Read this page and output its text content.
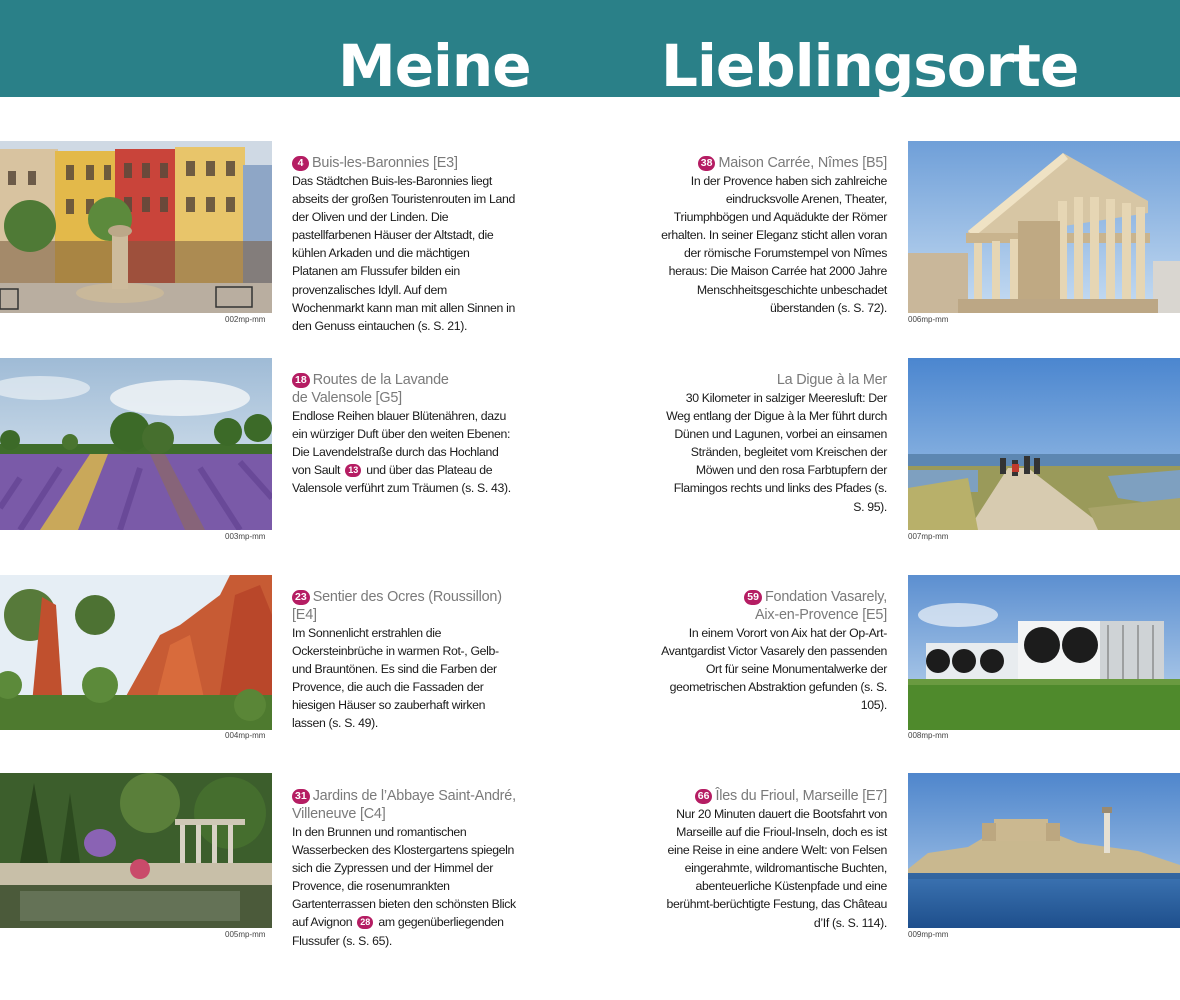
Meine Lieblingsorte
002mp-mm
4 Buis-les-Baronnies [E3]
Das Städtchen Buis-les-Baronnies liegt abseits der großen Touristenrouten im Land der Oliven und der Linden. Die pastellfarbenen Häuser der Altstadt, die kühlen Arkaden und die mächtigen Platanen am Flussufer bilden ein provenzalisches Idyll. Auf dem Wochenmarkt kann man mit allen Sinnen in den Genuss eintauchen (s. S. 21).
38 Maison Carrée, Nîmes [B5]
In der Provence haben sich zahlreiche eindrucksvolle Arenen, Theater, Triumphbögen und Aquädukte der Römer erhalten. In seiner Eleganz sticht allen voran der römische Forumstempel von Nîmes heraus: Die Maison Carrée hat 2000 Jahre Menschheitsgeschichte unbeschadet überstanden (s. S. 72).
006mp-mm
003mp-mm
18 Routes de la Lavande
de Valensole [G5]
Endlose Reihen blauer Blütenähren, dazu ein würziger Duft über den weiten Ebenen: Die Lavendelstraße durch das Hochland von Sault 13 und über das Plateau de Valensole verführt zum Träumen (s. S. 43).
La Digue à la Mer
30 Kilometer in salziger Meeresluft: Der Weg entlang der Digue à la Mer führt durch Dünen und Lagunen, vorbei an einsamen Stränden, begleitet vom Kreischen der Möwen und den rosa Farbtupfern der Flamingos rechts und links des Pfades (s. S. 95).
007mp-mm
004mp-mm
23 Sentier des Ocres (Roussillon) [E4]
Im Sonnenlicht erstrahlen die Ockersteinbrüche in warmen Rot-, Gelb- und Brauntönen. Es sind die Farben der Provence, die auch die Fassaden der hiesigen Häuser so zauberhaft wirken lassen (s. S. 49).
59 Fondation Vasarely,
Aix-en-Provence [E5]
In einem Vorort von Aix hat der Op-Art-Avantgardist Victor Vasarely den passenden Ort für seine Monumentalwerke der geometrischen Abstraktion gefunden (s. S. 105).
008mp-mm
005mp-mm
31 Jardins de l’Abbaye Saint-André,
Villeneuve [C4]
In den Brunnen und romantischen Wasserbecken des Klostergartens spiegeln sich die Zypressen und der Himmel der Provence, die rosenumrankten Gartenterrassen bieten den schönsten Blick auf Avignon 28 am gegenüberliegenden Flussufer (s. S. 65).
66 Îles du Frioul, Marseille [E7]
Nur 20 Minuten dauert die Bootsfahrt von Marseille auf die Frioul-Inseln, doch es ist eine Reise in eine andere Welt: von Felsen eingerahmte, wildromantische Buchten, abenteuerliche Küstenpfade und eine berühmt-berüchtigte Festung, das Château d’If (s. S. 114).
009mp-mm
